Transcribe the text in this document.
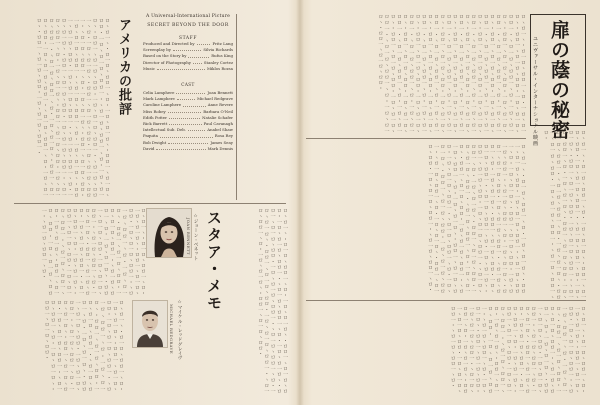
アメリカの批評
ロヽロ一ヽ・ロ一ロヽロロ一ヽロ・一ロヽロ一ロヽ・ロロ一ヽロ一ロヽロロ・一ロヽロ一ロヽロロ一・ヽロ一ロヽロロ一ヽロ・一ロヽロ一ロヽ・ロロ一ヽロ一ロヽロロ・一ロヽロ一ロヽロロ一・ヽロ一ロヽロロ一ヽロ・一ロヽロ一ロヽ・ロロ一ヽロ一ロヽロロ・一ロヽロ一ロヽロロ一・ヽロ一ロヽロロ一ヽロ・一ロヽロ一ロヽ・ロロ一ヽロ一ロヽロロ・一ロヽロ一ロヽロロ一・ヽロ一ロヽロロ一ヽロ・一ロヽロ一ロヽ・ロロ一ヽロ一ロヽロロ・一ロヽロ一ロヽロロ一・ヽロ一ロヽロロ一ヽロ・一ロヽロ一ロヽ・ロロ一ヽロ一ロヽロロ・一ロヽロ一ロヽロロ一・ヽロ一ロヽロロ一ヽロ・一ロヽロ一ロヽ・ロロ一ヽロ一ロヽロロ・一ロヽロ一ロヽロロ一・ヽロ一ロヽロロ一ヽロ・一ロヽロ一ロヽ・ロロ一ヽロ一ロヽロロ・一ロヽロ一ロヽロロ一・ヽロ一ロヽロロ一ヽロ・一ロヽロ一ロヽ・ロロ一ヽロ一ロヽロロ・一ロヽロ一ロヽロロ一・
ロヽロ一ヽ・ロ一ロヽロロ一ヽロ・一ロヽロ一ロヽ・ロロ一ヽロ一ロヽロロ・一ロヽロ一ロヽロロ一・ヽロ一ロヽロロ一ヽロ・一ロヽロ一ロヽ・ロロ一ヽロ一ロヽロロ・一ロヽロ一ロヽロロ一・ヽロ一ロヽロロ一ヽロ・一ロヽロ一ロヽ・ロロ一ヽロ一ロヽロロ・一ロヽロ一ロヽロロ一・ヽロ一ロヽロロ一ヽロ・一ロヽロ一ロヽ・ロロ一ヽロ一ロヽロロ・一ロヽロ一ロヽロロ一・ヽロ一ロヽロロ一ヽロ・一ロヽロ一ロヽ・ロロ一ヽロ一ロヽロロ・一ロヽロ一ロヽロロ一・ヽロ一ロヽロロ一ヽロ・一ロヽロ一ロヽ・ロロ一ヽロ一ロヽロロ・一ロヽロ一ロヽロロ一・ヽロ一ロヽロロ一ヽロ・
ロヽロ一ヽ・ロ一ロヽロロ一ヽロ・一ロヽロ一ロヽ・ロロ一ヽロ一ロヽロロ・一ロヽロ一ロヽロロ一・ヽロ一ロヽロロ一ヽロ・一ロヽロ一ロヽ・ロロ一ヽロ一ロヽロロ・一ロヽロ一ロヽロロ一・ヽロ一ロヽロロ一ヽロ・一ロヽロ一ロヽ・ロロ一ヽロ一ロヽロロ・一ロヽロ一ロヽロロ一・ヽロ一ロヽロロ一ヽロ・一ロヽロ一ロヽ・ロロ一ヽロ一ロヽロロ・一ロヽロ一ロヽロロ一・ヽロ一ロヽロロ一ヽロ・一ロヽロ一ロヽ・ロロ一ヽロ一ロヽロロ・	ロヽロ一ヽ・ロ一ロヽロロ一ヽロ・一ロヽロ一ロヽ・ロロ一ヽロ一ロヽロロ・一ロヽロ一ロヽロロ一・ヽロ一ロヽロロ一ヽロ・一ロヽロ一ロヽ・ロロ一ヽロ一ロヽロロ・一ロヽロ一ロヽロロ一・ヽロ一ロヽロロ一ヽロ・一ロヽロ一ロヽ・ロロ一ヽロ一ロヽロロ・一ロヽロ一ロヽロロ一・ヽロ一ロヽロロ一ヽロ・一ロヽロ一ロヽ・ロロ一ヽロ一ロヽロロ・
A Universal-International Picture
SECRET BEYOND THE DOOR
STAFF
Produced and Directed by	Fritz Lang
Screenplay by	Silvia Richards
Based on the Story by	Rufus King
Director of Photography	Stanley Cortez
Music	Miklos Rozsa
CAST
Celia Lamphere	Joan Bennett
Mark Lamphere	Michael Redgrave
Caroline Lamphere	Anne Revere
Miss Robey	Barbara O'Neil
Edith Potter	Natalie Schafer
Rick Barrett	Paul Cavanagh
Intellectual Sub. Deb.	Anabel Shaw
Paquita	Rosa Rey
Bob Dwight	James Seay
David	Mark Dennis
スタア・メモ
☆ジョーン・ベネット
JOAN BENNETT
☆マイケル・レッドグレイヴ
MICHAEL REDGRAVE
扉の蔭の秘密
ユニヴァーサル・インターナショナル映画
ロヽロ一ヽ・ロ一ロヽロロ一ヽロ・一ロヽロ一ロヽ・ロロ一ヽロ一ロヽロロ・一ロヽロ一ロヽロロ一・ヽロ一ロヽロロ一ヽロ・一ロヽロ一ロヽ・ロロ一ヽロ一ロヽロロ・一ロヽロ一ロヽロロ一・ヽロ一ロヽロロ一ヽロ・一ロヽロ一ロヽ・ロロ一ヽロ一ロヽロロ・一ロヽロ一ロヽロロ一・ヽロ一ロヽロロ一ヽロ・一ロヽロ一ロヽ・ロロ一ヽロ一ロヽロロ・一ロヽロ一ロヽロロ一・ヽロ一ロヽロロ一ヽロ・一ロヽロ一ロヽ・ロロ一ヽロ一ロヽロロ・一ロヽロ一ロヽロロ一・ヽロ一ロヽロロ一ヽロ・一ロヽロ一ロヽ・ロロ一ヽロ一ロヽロロ・一ロヽロ一ロヽロロ一・ヽロ一ロヽロロ一ヽロ・一ロヽロ一ロヽ・ロロ一ヽロ一ロヽロロ・一ロヽロ一ロヽロロ一・ヽロ一ロヽロロ一ヽロ・一ロヽロ一ロヽ・ロロ一ヽロ一ロヽロロ・一ロヽロ一ロヽロロ一・ヽロ一ロヽロロ一ヽロ・一ロヽロ一ロヽ・ロロ一ヽロ一ロヽロロ・一ロヽロ一ロヽロロ一・ヽロ一ロヽロロ一ヽロ・一ロヽロ一ロヽ・ロロ一ヽロ一ロヽロロ・一ロヽロ一ロヽロロ一・ヽロ一ロヽロロ一ヽロ・一ロヽロ一ロヽ・ロロ一ヽロ一ロヽロロ・一ロヽロ一ロヽロロ一・ヽロ一ロヽロロ一ヽロ・一ロヽロ一ロヽ・ロロ一ヽロ一ロヽロロ・
ロヽロ一ヽ・ロ一ロヽロロ一ヽロ・一ロヽロ一ロヽ・ロロ一ヽロ一ロヽロロ・一ロヽロ一ロヽロロ一・ヽロ一ロヽロロ一ヽロ・一ロヽロ一ロヽ・ロロ一ヽロ一ロヽロロ・一ロヽロ一ロヽロロ一・ヽロ一ロヽロロ一ヽロ・一ロヽロ一ロヽ・ロロ一ヽロ一ロヽロロ・一ロヽロ一ロヽロロ一・ヽロ一ロヽロロ一ヽロ・一ロヽロ一ロヽ・ロロ一ヽロ一ロヽロロ・一ロヽロ一ロヽロロ一・ヽロ一ロヽロロ一ヽロ・
ロヽロ一ヽ・ロ一ロヽロロ一ヽロ・一ロヽロ一ロヽ・ロロ一ヽロ一ロヽロロ・一ロヽロ一ロヽロロ一・ヽロ一ロヽロロ一ヽロ・一ロヽロ一ロヽ・ロロ一ヽロ一ロヽロロ・一ロヽロ一ロヽロロ一・ヽロ一ロヽロロ一ヽロ・一ロヽロ一ロヽ・ロロ一ヽロ一ロヽロロ・一ロヽロ一ロヽロロ一・ヽロ一ロヽロロ一ヽロ・一ロヽロ一ロヽ・ロロ一ヽロ一ロヽロロ・一ロヽロ一ロヽロロ一・ヽロ一ロヽロロ一ヽロ・一ロヽロ一ロヽ・ロロ一ヽロ一ロヽロロ・一ロヽロ一ロヽロロ一・ヽロ一ロヽロロ一ヽロ・一ロヽロ一ロヽ・ロロ一ヽロ一ロヽロロ・一ロヽロ一ロヽロロ一・ヽロ一ロヽロロ一ヽロ・一ロヽロ一ロヽ・ロロ一ヽロ一ロヽロロ・一ロヽロ一ロヽロロ一・ヽロ一ロヽロロ一ヽロ・一ロヽロ一ロヽ・ロロ一ヽロ一ロヽロロ・一ロヽロ一ロヽロロ一・ヽロ一ロヽロロ一ヽロ・一ロヽロ一ロヽ・ロロ一ヽロ一ロヽロロ・一ロヽロ一ロヽロロ一・ヽロ一ロヽロロ一ヽロ・一ロヽロ一ロヽ・ロロ一ヽロ一ロヽロロ・一ロヽロ一ロヽロロ一・ヽロ一ロヽロロ一ヽロ・
ロヽロ一ヽ・ロ一ロヽロロ一ヽロ・一ロヽロ一ロヽ・ロロ一ヽロ一ロヽロロ・一ロヽロ一ロヽロロ一・ヽロ一ロヽロロ一ヽロ・一ロヽロ一ロヽ・ロロ一ヽロ一ロヽロロ・一ロヽロ一ロヽロロ一・ヽロ一ロヽロロ一ヽロ・一ロヽロ一ロヽ・ロロ一ヽロ一ロヽロロ・一ロヽロ一ロヽロロ一・ヽロ一ロヽロロ一ヽロ・一ロヽロ一ロヽ・ロロ一ヽロ一ロヽロロ・一ロヽロ一ロヽロロ一・ヽロ一ロヽロロ一ヽロ・一ロヽロ一ロヽ・ロロ一ヽロ一ロヽロロ・一ロヽロ一ロヽロロ一・ヽロ一ロヽロロ一ヽロ・一ロヽロ一ロヽ・ロロ一ヽロ一ロヽロロ・一ロヽロ一ロヽロロ一・ヽロ一ロヽロロ一ヽロ・一ロヽロ一ロヽ・ロロ一ヽロ一ロヽロロ・一ロヽロ一ロヽロロ一・ヽロ一ロヽロロ一ヽロ・一ロヽロ一ロヽ・ロロ一ヽロ一ロヽロロ・一ロヽロ一ロヽロロ一・ヽロ一ロヽロロ一ヽロ・
